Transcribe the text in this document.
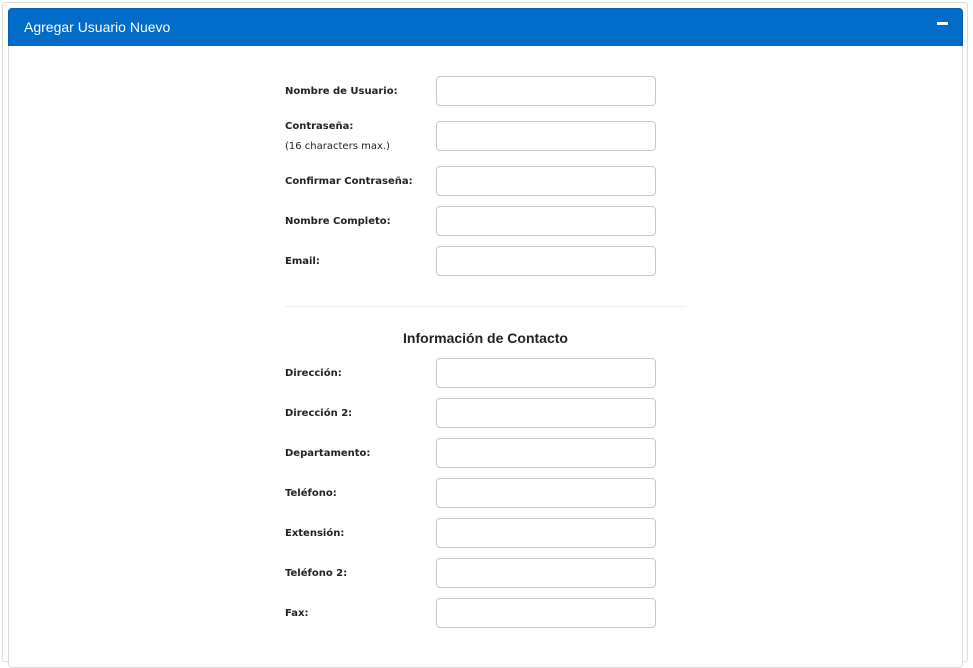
Agregar Usuario Nuevo
Nombre de Usuario:
Contraseña:
(16 characters max.)
Confirmar Contraseña:
Nombre Completo:
Email:
Información de Contacto
Dirección:
Dirección 2:
Departamento:
Teléfono:
Extensión:
Teléfono 2:
Fax:
